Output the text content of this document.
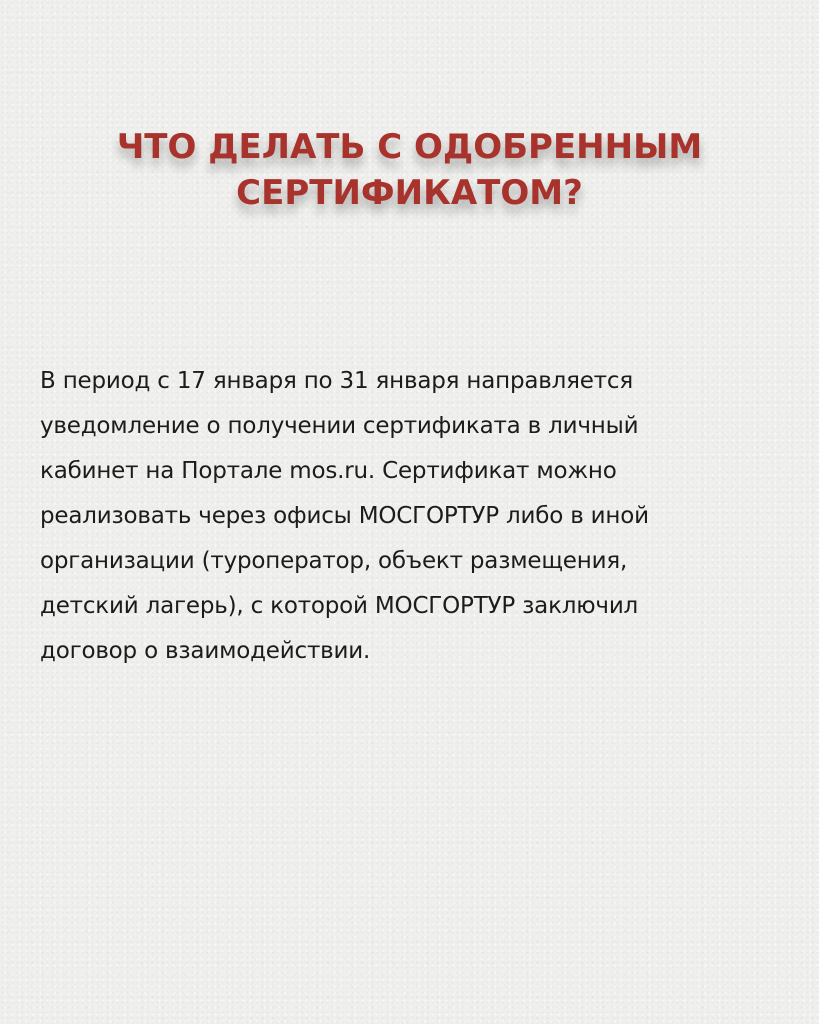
ЧТО ДЕЛАТЬ С ОДОБРЕННЫМ
СЕРТИФИКАТОМ?
В период с 17 января по 31 января направляется
уведомление о получении сертификата в личный
кабинет на Портале mos.ru. Сертификат можно
реализовать через офисы МОСГОРТУР либо в иной
организации (туроператор, объект размещения,
детский лагерь), с которой МОСГОРТУР заключил
договор о взаимодействии.
